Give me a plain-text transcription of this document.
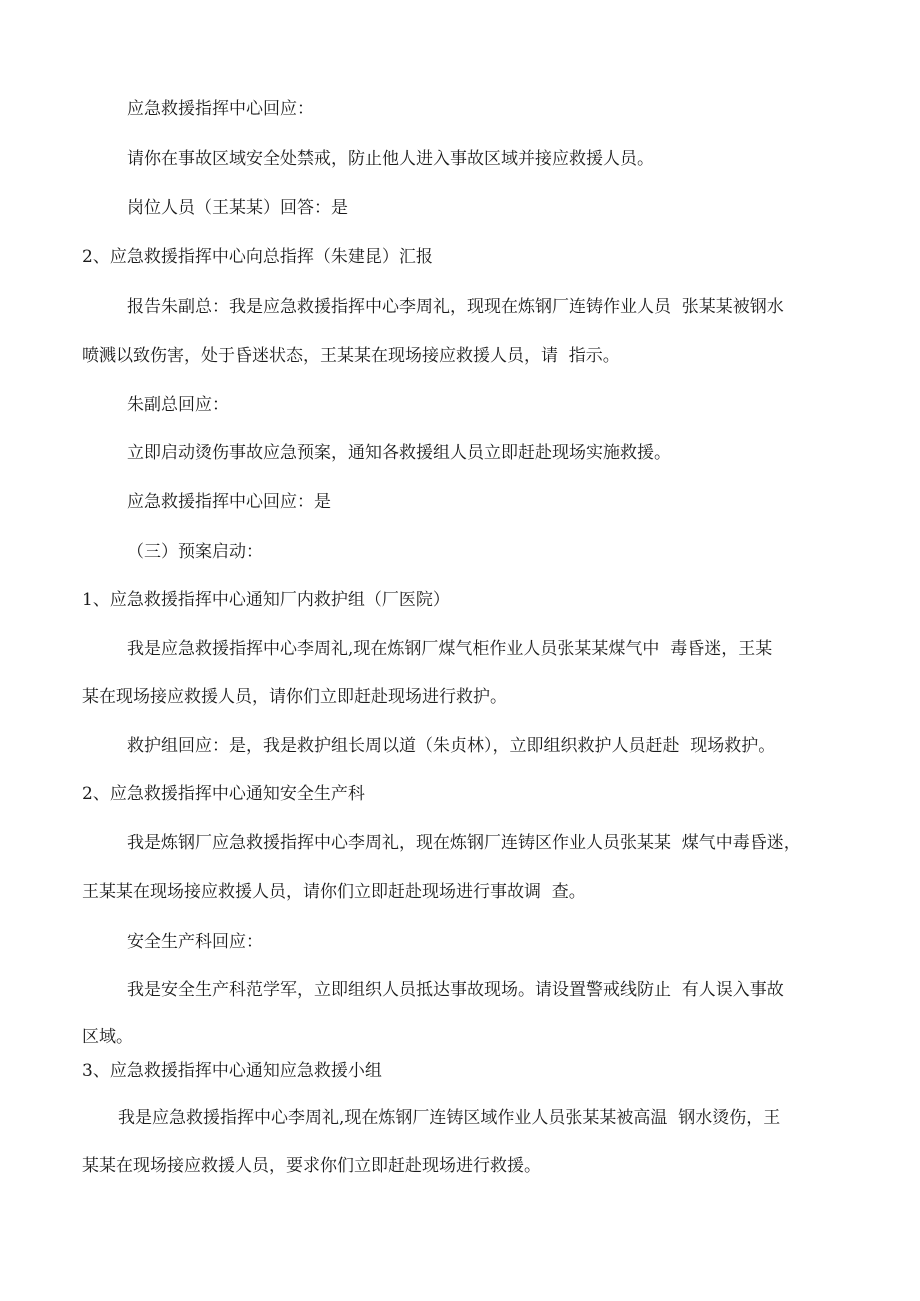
应急救援指挥中心回应：

请你在事故区域安全处禁戒，防止他人进入事故区域并接应救援人员。

岗位人员（王某某）回答：是

2、应急救援指挥中心向总指挥（朱建昆）汇报

报告朱副总：我是应急救援指挥中心李周礼，现现在炼钢厂连铸作业人员  张某某被钢水

喷溅以致伤害，处于昏迷状态，王某某在现场接应救援人员，请  指示。

朱副总回应：

立即启动烫伤事故应急预案，通知各救援组人员立即赶赴现场实施救援。

应急救援指挥中心回应：是

（三）预案启动：

1、应急救援指挥中心通知厂内救护组（厂医院）

我是应急救援指挥中心李周礼,现在炼钢厂煤气柜作业人员张某某煤气中  毒昏迷，王某

某在现场接应救援人员，请你们立即赶赴现场进行救护。

救护组回应：是，我是救护组长周以道（朱贞林），立即组织救护人员赶赴  现场救护。

2、应急救援指挥中心通知安全生产科

我是炼钢厂应急救援指挥中心李周礼，现在炼钢厂连铸区作业人员张某某  煤气中毒昏迷，

王某某在现场接应救援人员，请你们立即赶赴现场进行事故调  查。

安全生产科回应：

我是安全生产科范学军，立即组织人员抵达事故现场。请设置警戒线防止  有人误入事故

区域。

3、应急救援指挥中心通知应急救援小组

我是应急救援指挥中心李周礼,现在炼钢厂连铸区域作业人员张某某被高温  钢水烫伤，王

某某在现场接应救援人员，要求你们立即赶赴现场进行救援。
